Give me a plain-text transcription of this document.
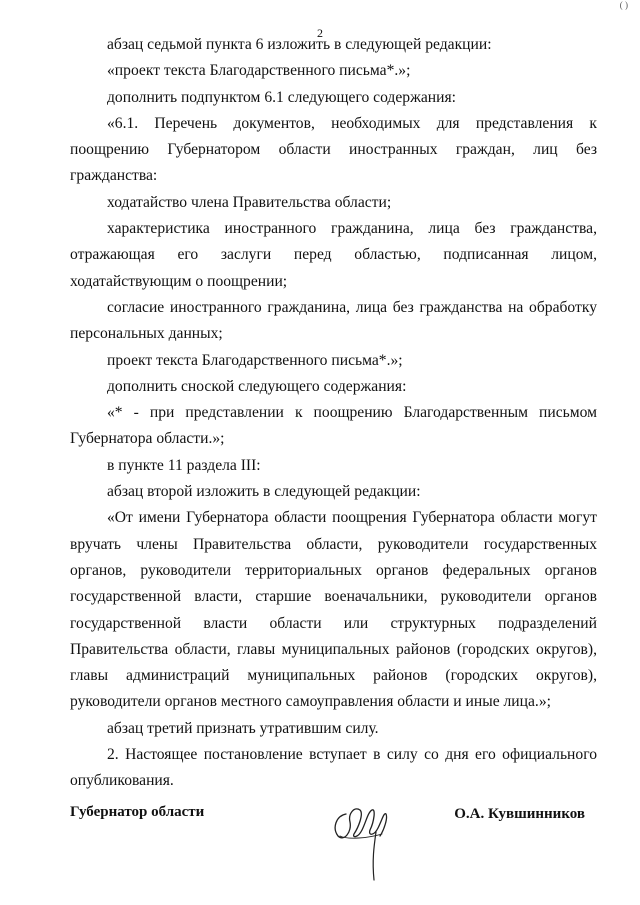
2
( )

абзац седьмой пункта 6 изложить в следующей редакции:

«проект текста Благодарственного письма*.»;

дополнить подпунктом 6.1 следующего содержания:

«6.1. Перечень документов, необходимых для представления к поощрению Губернатором области иностранных граждан, лиц без гражданства:

ходатайство члена Правительства области;

характеристика иностранного гражданина, лица без гражданства, отражающая его заслуги перед областью, подписанная лицом, ходатайствующим о поощрении;

согласие иностранного гражданина, лица без гражданства на обработку персональных данных;

проект текста Благодарственного письма*.»;

дополнить сноской следующего содержания:

«* - при представлении к поощрению Благодарственным письмом Губернатора области.»;

в пункте 11 раздела III:

абзац второй изложить в следующей редакции:

«От имени Губернатора области поощрения Губернатора области могут вручать члены Правительства области, руководители государственных органов, руководители территориальных органов федеральных органов государственной власти, старшие военачальники, руководители органов государственной власти области или структурных подразделений Правительства области, главы муниципальных районов (городских округов), главы администраций муниципальных районов (городских округов), руководители органов местного самоуправления области и иные лица.»;

абзац третий признать утратившим силу.

2. Настоящее постановление вступает в силу со дня его официального опубликования.

Губернатор области	О.А. Кувшинников
